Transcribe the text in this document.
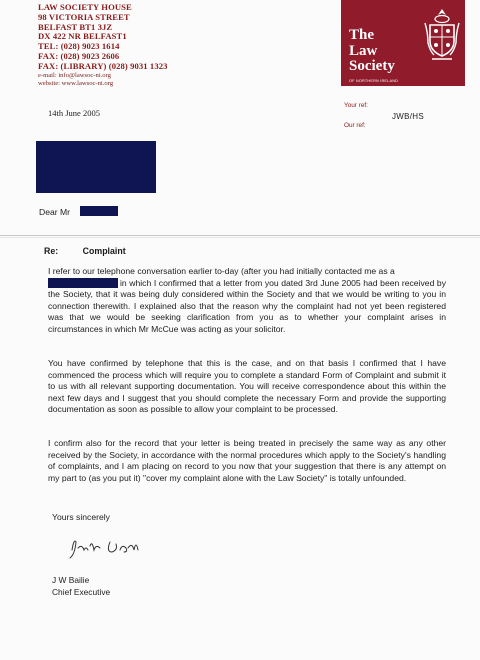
LAW SOCIETY HOUSE
98 VICTORIA STREET
BELFAST BT1 3JZ
DX 422 NR BELFAST1
TEL: (028) 9023 1614
FAX: (028) 9023 2606
FAX: (LIBRARY) (028) 9031 1323
e-mail: info@lawsoc-ni.org
website: www.lawsoc-ni.org
The
Law
Society
OF NORTHERN IRELAND
Your ref:
Our ref:
JWB/HS
14th June 2005
Dear Mr
Re:	Complaint
I refer to our telephone conversation earlier to-day (after you had initially contacted me as a
in which I confirmed that a letter from you dated 3rd June 2005 had been received by the Society, that it was being duly considered within the Society and that we would be writing to you in connection therewith. I explained also that the reason why the complaint had not yet been registered was that we would be seeking clarification from you as to whether your complaint arises in circumstances in which Mr McCue was acting as your solicitor.
You have confirmed by telephone that this is the case, and on that basis I confirmed that I have commenced the process which will require you to complete a standard Form of Complaint and submit it to us with all relevant supporting documentation. You will receive correspondence about this within the next few days and I suggest that you should complete the necessary Form and provide the supporting documentation as soon as possible to allow your complaint to be processed.
I confirm also for the record that your letter is being treated in precisely the same way as any other received by the Society, in accordance with the normal procedures which apply to the Society's handling of complaints, and I am placing on record to you now that your suggestion that there is any attempt on my part to (as you put it) "cover my complaint alone with the Law Society" is totally unfounded.
Yours sincerely
J W Bailie
Chief Executive
